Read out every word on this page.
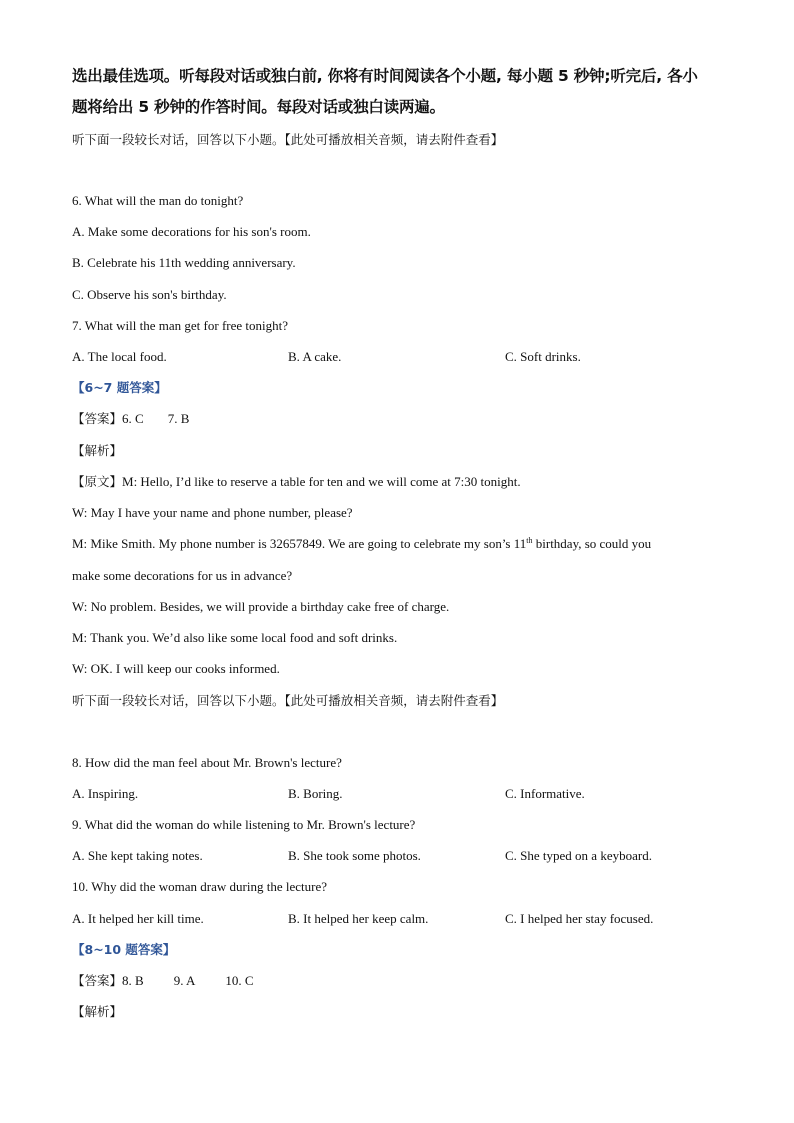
选出最佳选项。听每段对话或独白前, 你将有时间阅读各个小题, 每小题 5 秒钟;听完后, 各小
题将给出 5 秒钟的作答时间。每段对话或独白读两遍。
听下面一段较长对话，回答以下小题。【此处可播放相关音频，请去附件查看】
6. What will the man do tonight?
A. Make some decorations for his son's room.
B. Celebrate his 11th wedding anniversary.
C. Observe his son's birthday.
7. What will the man get for free tonight?
A. The local food.	B. A cake.	C. Soft drinks.
【6~7 题答案】
【答案】6. C 7. B
【解析】
【原文】M: Hello, I’d like to reserve a table for ten and we will come at 7:30 tonight.
W: May I have your name and phone number, please?
M: Mike Smith. My phone number is 32657849. We are going to celebrate my son’s 11th birthday, so could you
make some decorations for us in advance?
W: No problem. Besides, we will provide a birthday cake free of charge.
M: Thank you. We’d also like some local food and soft drinks.
W: OK. I will keep our cooks informed.
听下面一段较长对话，回答以下小题。【此处可播放相关音频，请去附件查看】
8. How did the man feel about Mr. Brown's lecture?
A. Inspiring.	B. Boring.	C. Informative.
9. What did the woman do while listening to Mr. Brown's lecture?
A. She kept taking notes.	B. She took some photos.	C. She typed on a keyboard.
10. Why did the woman draw during the lecture?
A. It helped her kill time.	B. It helped her keep calm.	C. I helped her stay focused.
【8~10 题答案】
【答案】8. B 9. A 10. C
【解析】
